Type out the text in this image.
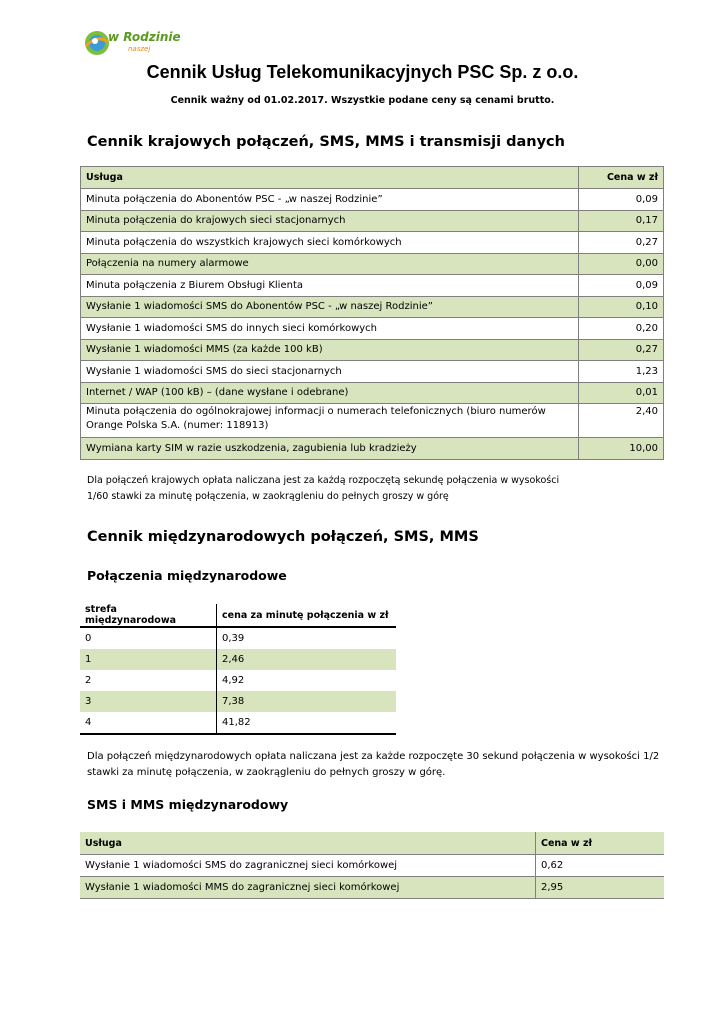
w Rodzinie
naszej
Cennik Usług Telekomunikacyjnych PSC Sp. z o.o.
Cennik ważny od 01.02.2017. Wszystkie podane ceny są cenami brutto.
Cennik krajowych połączeń, SMS, MMS i transmisji danych
Usługa	Cena w zł
Minuta połączenia do Abonentów PSC - „w naszej Rodzinie”	0,09
Minuta połączenia do krajowych sieci stacjonarnych	0,17
Minuta połączenia do wszystkich krajowych sieci komórkowych	0,27
Połączenia na numery alarmowe	0,00
Minuta połączenia z Biurem Obsługi Klienta	0,09
Wysłanie 1 wiadomości SMS do Abonentów PSC - „w naszej Rodzinie”	0,10
Wysłanie 1 wiadomości SMS do innych sieci komórkowych	0,20
Wysłanie 1 wiadomości MMS (za każde 100 kB)	0,27
Wysłanie 1 wiadomości SMS do sieci stacjonarnych	1,23
Internet / WAP (100 kB) – (dane wysłane i odebrane)	0,01

Minuta połączenia do ogólnokrajowej informacji o numerach telefonicznych (biuro numerów
Orange Polska S.A. (numer: 118913)	2,40
Wymiana karty SIM w razie uszkodzenia, zagubienia lub kradzieży	10,00
Dla połączeń krajowych opłata naliczana jest za każdą rozpoczętą sekundę połączenia w wysokości
1/60 stawki za minutę połączenia, w zaokrągleniu do pełnych groszy w górę
Cennik międzynarodowych połączeń, SMS, MMS
Połączenia międzynarodowe
strefa międzynarodowa	cena za minutę połączenia w zł
0	0,39
1	2,46
2	4,92
3	7,38
4	41,82
Dla połączeń międzynarodowych opłata naliczana jest za każde rozpoczęte 30 sekund połączenia w wysokości 1/2
stawki za minutę połączenia, w zaokrągleniu do pełnych groszy w górę.
SMS i MMS międzynarodowy
Usługa	Cena w zł
Wysłanie 1 wiadomości SMS do zagranicznej sieci komórkowej	0,62
Wysłanie 1 wiadomości MMS do zagranicznej sieci komórkowej	2,95
